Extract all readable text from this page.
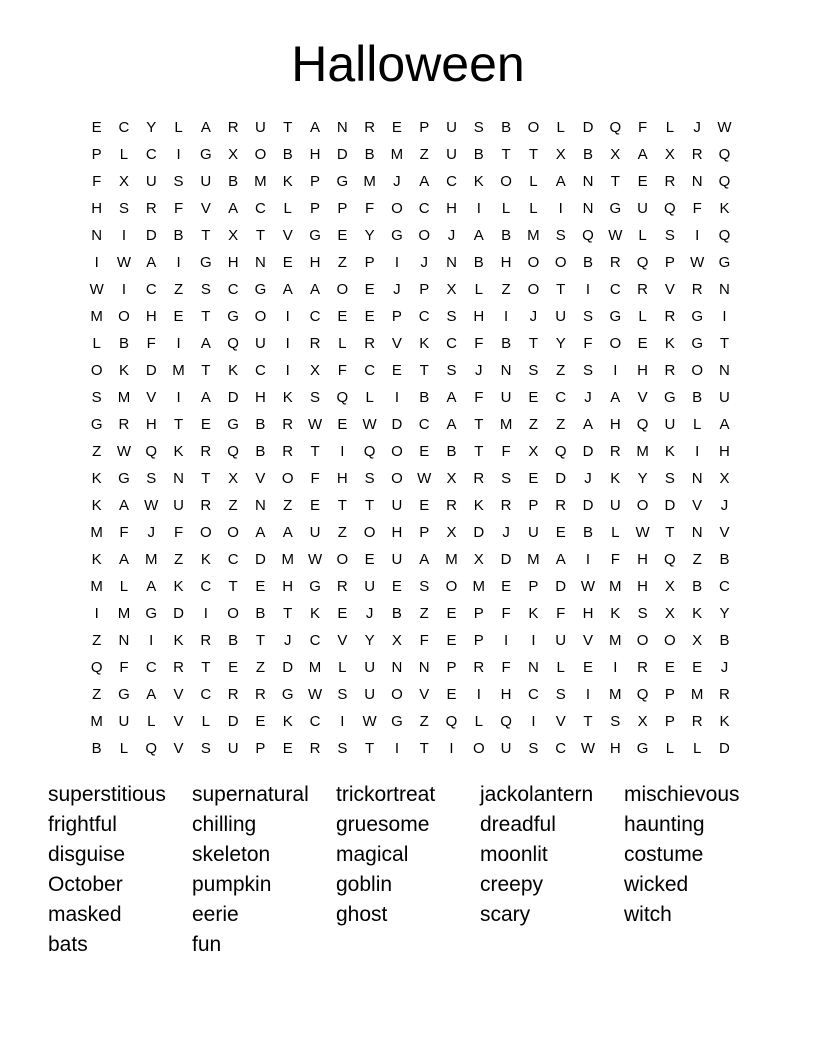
Halloween
E	C	Y	L	A	R	U	T	A	N	R	E	P	U	S	B	O	L	D	Q	F	L	J	W
P	L	C	I	G	X	O	B	H	D	B	M	Z	U	B	T	T	X	B	X	A	X	R	Q
F	X	U	S	U	B	M	K	P	G	M	J	A	C	K	O	L	A	N	T	E	R	N	Q
H	S	R	F	V	A	C	L	P	P	F	O	C	H	I	L	L	I	N	G	U	Q	F	K
N	I	D	B	T	X	T	V	G	E	Y	G	O	J	A	B	M	S	Q W	L	S	I	Q
I	W	A	I	G	H	N	E	H	Z	P	I	J	N	B	H	O	O	B	R	Q	P	W G
W	I	C	Z	S	C	G	A	A	O	E	J	P	X	L	Z	O	T	I	C	R	V	R	N
M	O	H	E	T	G	O	I	C	E	E	P	C	S	H	I	J	U	S	G	L	R	G	I
L	B	F	I	A	Q	U	I	R	L	R	V	K	C	F	B	T	Y	F	O	E	K	G	T
O	K	D	M	T	K	C	I	X	F	C	E	T	S	J	N	S	Z	S	I	H	R	O	N
S	M	V	I	A	D	H	K	S	Q	L	I	B	A	F	U	E	C	J	A	V	G	B	U
G	R	H	T	E	G	B	R W	E	W D	C	A	T	M	Z	Z	A	H	Q	U	L	A
Z	W Q	K	R	Q	B	R	T	I	Q	O	E	B	T	F	X	Q	D	R	M	K	I	H
K	G	S	N	T	X	V	O	F	H	S	O W	X	R	S	E	D	J	K	Y	S	N	X
K	A	W U	R	Z	N	Z	E	T	T	U	E	R	K	R	P	R	D	U	O	D	V	J
M	F	J	F	O	O	A	A	U	Z	O	H	P	X	D	J	U	E	B	L	W	T	N	V
K	A	M	Z	K	C	D	M W O	E	U	A	M	X	D	M	A	I	F	H	Q	Z	B
M	L	A	K	C	T	E	H	G	R	U	E	S	O	M	E	P	D W M	H	X	B	C
I	M	G	D	I	O	B	T	K	E	J	B	Z	E	P	F	K	F	H	K	S	X	K	Y
Z	N	I	K	R	B	T	J	C	V	Y	X	F	E	P	I	I	U	V	M	O	O	X	B
Q	F	C	R	T	E	Z	D	M	L	U	N	N	P	R	F	N	L	E	I	R	E	E	J
Z	G	A	V	C	R	R	G W	S	U	O	V	E	I	H	C	S	I	M	Q	P	M	R
M	U	L	V	L	D	E	K	C	I	W G	Z	Q	L	Q	I	V	T	S	X	P	R	K
B	L	Q	V	S	U	P	E	R	S	T	I	T	I	O	U	S	C W H	G	L	L	D
superstitious	supernatural	trickortreat	jackolantern	mischievous
frightful	chilling	gruesome	dreadful	haunting
disguise	skeleton	magical	moonlit	costume
October	pumpkin	goblin	creepy	wicked
masked	eerie	ghost	scary	witch
bats	fun
